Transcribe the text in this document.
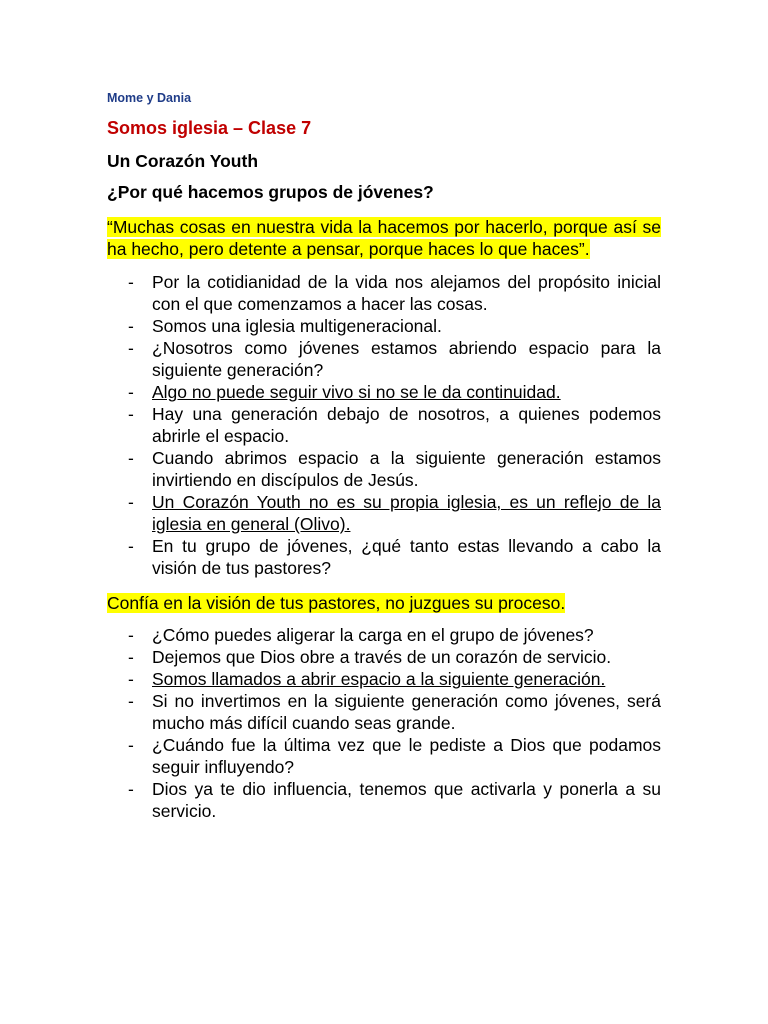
Mome y Dania
Somos iglesia – Clase 7
Un Corazón Youth
¿Por qué hacemos grupos de jóvenes?
“Muchas cosas en nuestra vida la hacemos por hacerlo, porque así se ha hecho, pero detente a pensar, porque haces lo que haces”.
- Por la cotidianidad de la vida nos alejamos del propósito inicial con el que comenzamos a hacer las cosas.
- Somos una iglesia multigeneracional.
- ¿Nosotros como jóvenes estamos abriendo espacio para la siguiente generación?
- Algo no puede seguir vivo si no se le da continuidad.
- Hay una generación debajo de nosotros, a quienes podemos abrirle el espacio.
- Cuando abrimos espacio a la siguiente generación estamos invirtiendo en discípulos de Jesús.
- Un Corazón Youth no es su propia iglesia, es un reflejo de la iglesia en general (Olivo).
- En tu grupo de jóvenes, ¿qué tanto estas llevando a cabo la visión de tus pastores?
Confía en la visión de tus pastores, no juzgues su proceso.
- ¿Cómo puedes aligerar la carga en el grupo de jóvenes?
- Dejemos que Dios obre a través de un corazón de servicio.
- Somos llamados a abrir espacio a la siguiente generación.
- Si no invertimos en la siguiente generación como jóvenes, será mucho más difícil cuando seas grande.
- ¿Cuándo fue la última vez que le pediste a Dios que podamos seguir influyendo?
- Dios ya te dio influencia, tenemos que activarla y ponerla a su servicio.
